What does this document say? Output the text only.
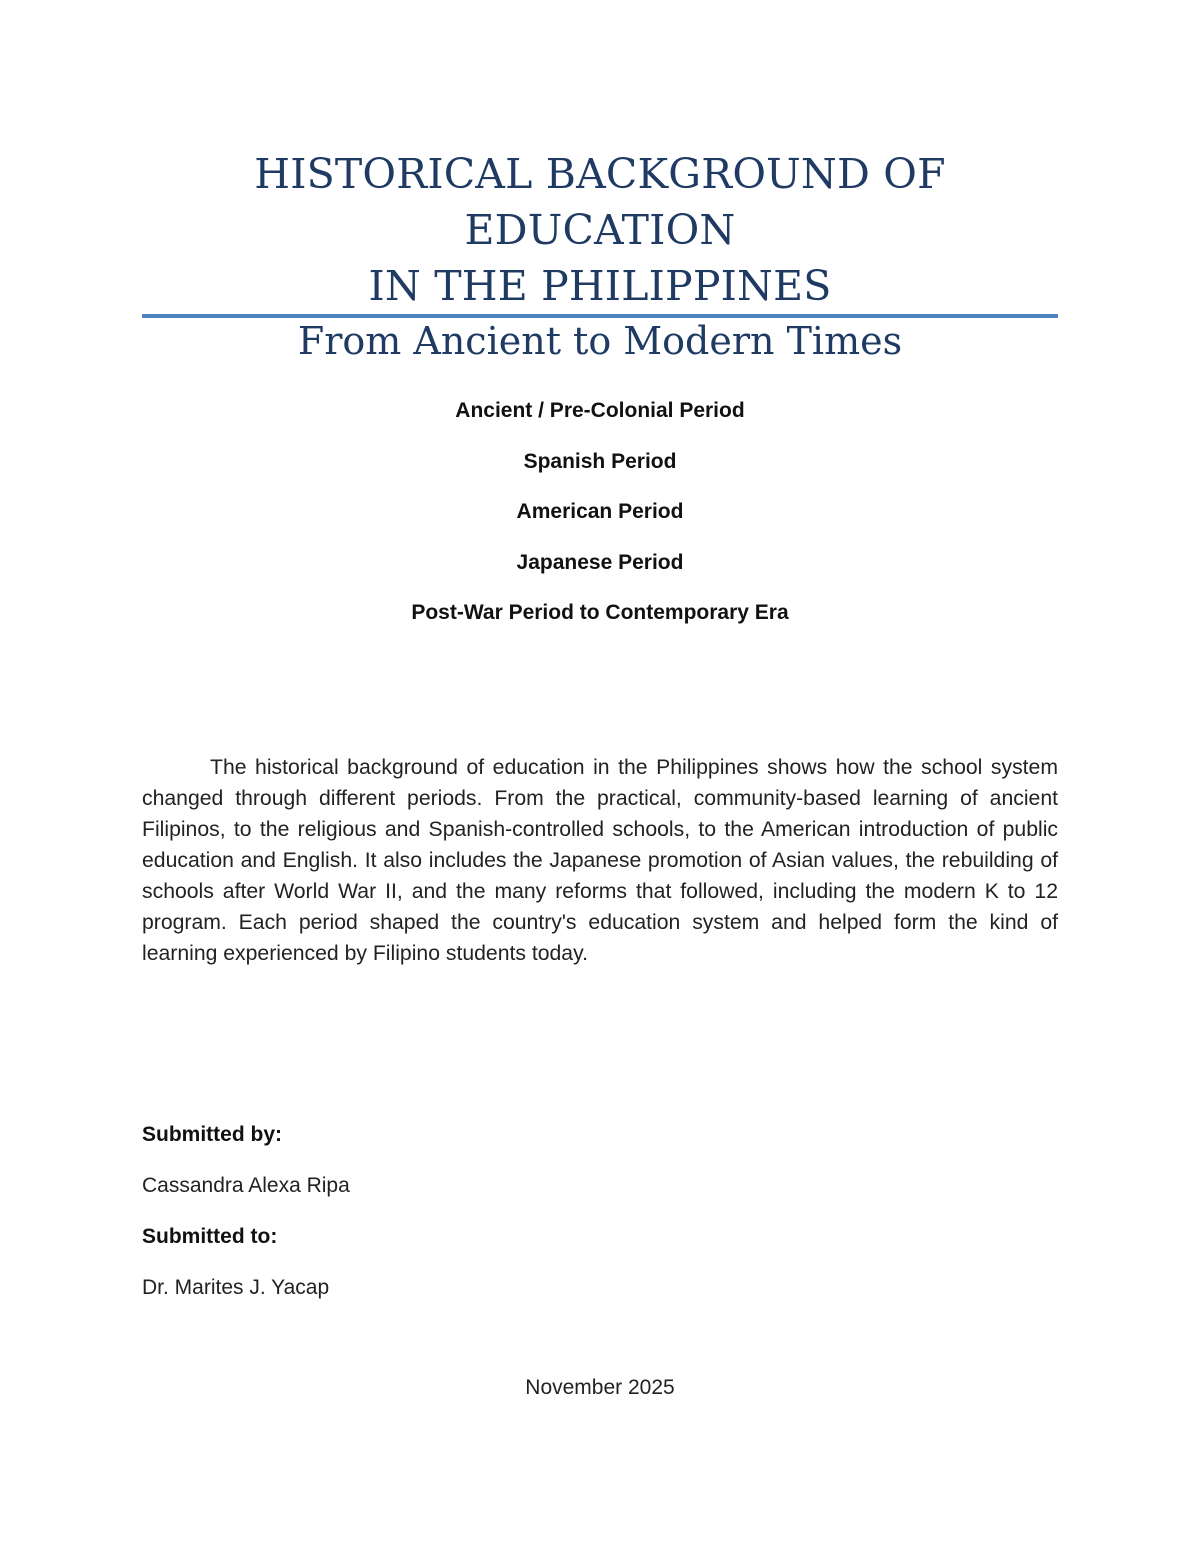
HISTORICAL BACKGROUND OF EDUCATION
IN THE PHILIPPINES
From Ancient to Modern Times
Ancient / Pre-Colonial Period
Spanish Period
American Period
Japanese Period
Post-War Period to Contemporary Era

The historical background of education in the Philippines shows how the school system changed through different periods. From the practical, community-based learning of ancient Filipinos, to the religious and Spanish-controlled schools, to the American introduction of public education and English. It also includes the Japanese promotion of Asian values, the rebuilding of schools after World War II, and the many reforms that followed, including the modern K to 12 program. Each period shaped the country's education system and helped form the kind of learning experienced by Filipino students today.

Submitted by:
Cassandra Alexa Ripa
Submitted to:
Dr. Marites J. Yacap
November 2025
